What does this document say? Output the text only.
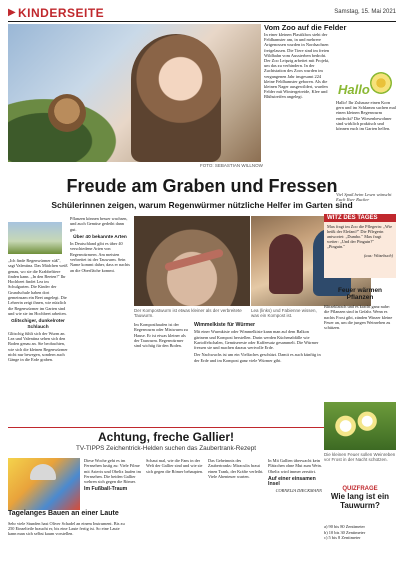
▶ KINDERSEITE	Samstag, 15. Mai 2021
FOTO: SEBASTIAN WILLNOW
Vom Zoo auf die Felder

In einer kleinen Plastikbox steht der Feldhamster am, in und mehrere Artgenossen wurden in Nordsachsen freigelassen. Die Tiere sind im freien Wildbahn vom Aussterben bedroht. Der Zoo Leipzig arbeitet mit Projekt, um das zu verhindern. In der Zuchtstation des Zoos wurden im vergangenen Jahr insgesamt 224 kleine Feldhamster geboren. Als die kleinen Nager ausgewildert, wurden Felder mit Wintergetreide, Klee und Blühstreifen angelegt.	Hallo
Hallo! Ihr Zuhause einen Korn gern und im Schlamm suchen mal einen kleinen Regenwurm entdeckt? Die Wiesenbewohner sind wirklich praktisch und können euch im Garten helfen.
Viel Spaß beim Lesen wünscht Euch Ilser Rucker
Freude am Graben und Fressen
Schülerinnen zeigen, warum Regenwürmer nützliche Helfer im Garten sind
„Ich finde Regenwürmer süß", sagt Valentina. Das Mädchen weiß genau, wo sie die Krabbeltiere finden kann. „In den Beeten!" Ihr Hochbeet findet Lea im Schulgarten. Die Kinder der Grundschule haben dort gemeinsam ein Beet angelegt. Die Lehrerin zeigt ihnen, wie nützlich die Regenwürmer im Garten sind und wie sie im Hochbeet arbeiten.
Glitschiger, dunkelroter Schlauch
Glitschig fühlt sich der Wurm an. Lea und Valentina sehen sich den Boden genau an. Sie beobachten, wie sich die kleinen Regenwürmer nicht nur bewegen, sondern auch Gänge in die Erde graben.
Pflanzen können besser wachsen, und auch Gemüse gedeiht dann gut.
Über 40 bekannte Arten
In Deutschland gibt es über 40 verschiedene Arten von Regenwürmern. Am meisten verbreitet ist der Tauwurm. Sein Name kommt daher, dass er nachts an die Oberfläche kommt.
Der Kompostwurm ist etwas kleiner als der verbreitete Tauwurm.
Lea (links) und Fabienne wissen, was ein Kompost ist.
Im Komposthaufen ist der Regenwurm oder Mistwurm zu Hause. Er ist etwas kleiner als der Tauwurm. Regenwürmer sind wichtig für den Boden.
Wimmelkiste für Würmer
Mit einer Wurmkiste oder Wimmelkiste kann man auf dem Balkon gärtnern und Kompost herstellen. Darin werden Küchenabfälle wie Kartoffelschalen, Gemüsereste oder Kaffeesatz gesammelt. Die Würmer fressen sie und machen daraus wertvolle Erde.
Der Nachwuchs ist um ein Vielfaches geschützt. Damit es auch künftig in der Erde und im Kompost ganz viele Würmer gibt.
WITZ DES TAGES

Max fragt im Zoo die Pflegerin: „Wie heißt der Elefant?" Die Pflegerin antwortet: „Dumbo." Max fragt weiter: „Und der Pinguin?" „Pinguin."

(aus: Witzebuch)

Feuer wärmen Pflanzen
Blitzeklatsch und es kracht ganz nahe: die Pflanzen sind in Gefahr. Wenn es nachts Frost gibt, zünden Winzer kleine Feuer an, um die jungen Weinreben zu schützen.
Die kleinen Feuer sollen Weinreben vor Frost in der Nacht schützen.
Achtung, freche Gallier!
TV-TIPPS Zeichentrick-Helden suchen das Zaubertrank-Rezept
Diese Woche geht es im Fernsehen lustig zu: Viele Filme mit Asterix und Obelix laufen im Fernsehen. Die beiden Gallier wehren sich gegen die Römer.
Im Fußball-Traum
Schaut mal, wie die Fans in der Welt der Gallier sind und wie sie sich gegen die Römer behaupten.
Das Geheimnis des Zaubertranks: Miraculix braut einen Trank, der Kräfte verleiht. Viele Abenteuer warten.
In Mit Gallien überwacht kein Plätzchen ohne Mut zum Wein. Obelix wird immer zerstört.
Auf einer einsamen Insel
CORNELIA DIECKMANN
Tagelanges Bauen an einer Laute
Sehr viele Stunden hast Oliver Schadel an einem Instrument. Bis zu 250 Einzelteile braucht er, bis eine Laute fertig ist. So eine Laute kann man sich selbst kaum vorstellen.
QUIZFRAGE
Wie lang ist ein Tauwurm?
a) 90 bis 80 Zentimeter
b) 10 bis 30 Zentimeter
c) 5 bis 8 Zentimeter
